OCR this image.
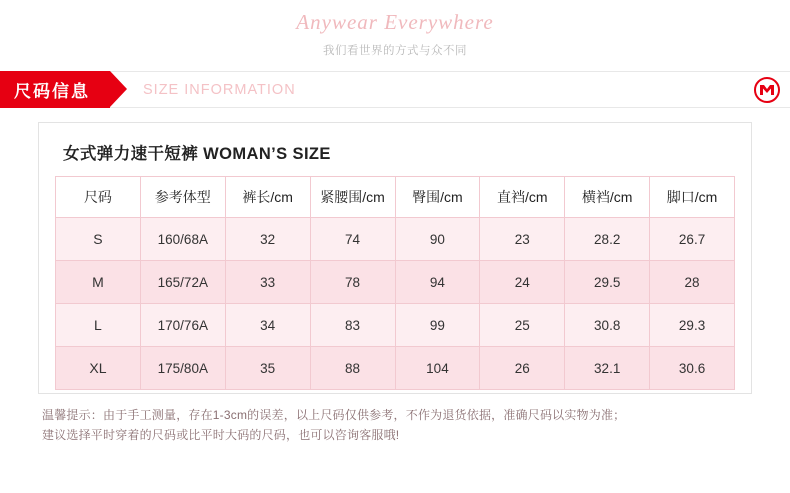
Anywear Everywhere
我们看世界的方式与众不同
尺码信息	SIZE INFORMATION
女式弹力速干短裤 WOMAN’S SIZE
尺码	参考体型	裤长/cm	紧腰围/cm	臀围/cm	直裆/cm	横裆/cm	脚口/cm
S	160/68A	32	74	90	23	28.2	26.7
M	165/72A	33	78	94	24	29.5	28
L	170/76A	34	83	99	25	30.8	29.3
XL	175/80A	35	88	104	26	32.1	30.6
温馨提示：由于手工测量，存在1-3cm的误差，以上尺码仅供参考，不作为退货依据，准确尺码以实物为准；
建议选择平时穿着的尺码或比平时大码的尺码，也可以咨询客服哦!
